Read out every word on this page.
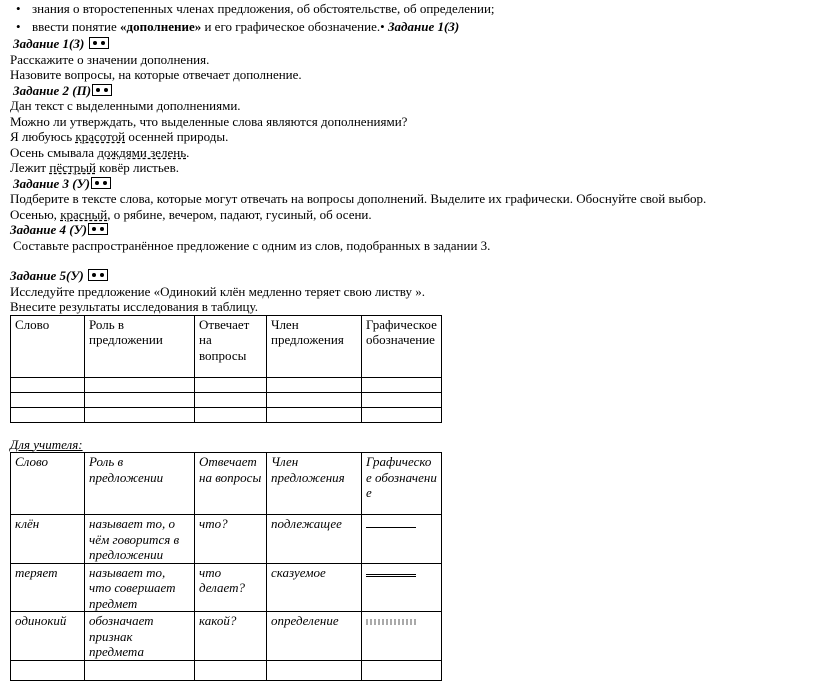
• знания о второстепенных членах предложения, об обстоятельстве, об определении;
• ввести понятие «дополнение» и его графическое обозначение.• Задание 1(З)
Задание 1(З)
Расскажите о значении дополнения.
Назовите вопросы, на которые отвечает дополнение.
Задание 2 (П)
Дан текст с выделенными дополнениями.
Можно ли утверждать, что выделенные слова являются дополнениями?
Я любуюсь красотой осенней природы.
Осень смывала дождями зелень.
Лежит пёстрый ковёр листьев.
Задание 3 (У)
Подберите в тексте слова, которые могут отвечать на вопросы дополнений. Выделите их графически. Обоснуйте свой выбор.
Осенью, красный, о рябине, вечером, падают, гусиный, об осени.
Задание 4 (У)
Составьте распространённое предложение с одним из слов, подобранных в задании 3.
Задание 5(У)
Исследуйте предложение «Одинокий клён медленно теряет свою листву ».
Внесите результаты исследования в таблицу.
Слово	Роль в предложении	Отвечает на вопросы	Член предложения	Графическое обозначение

Для учителя:
Слово	Роль в предложении	Отвечает на вопросы	Член предложения	Графическое обозначение
клён	называет то, о чём говорится в предложении	что?	подлежащее	
теряет	называет то, что совершает предмет	что делает?	сказуемое	
одинокий	обозначает признак предмета	какой?	определение	
